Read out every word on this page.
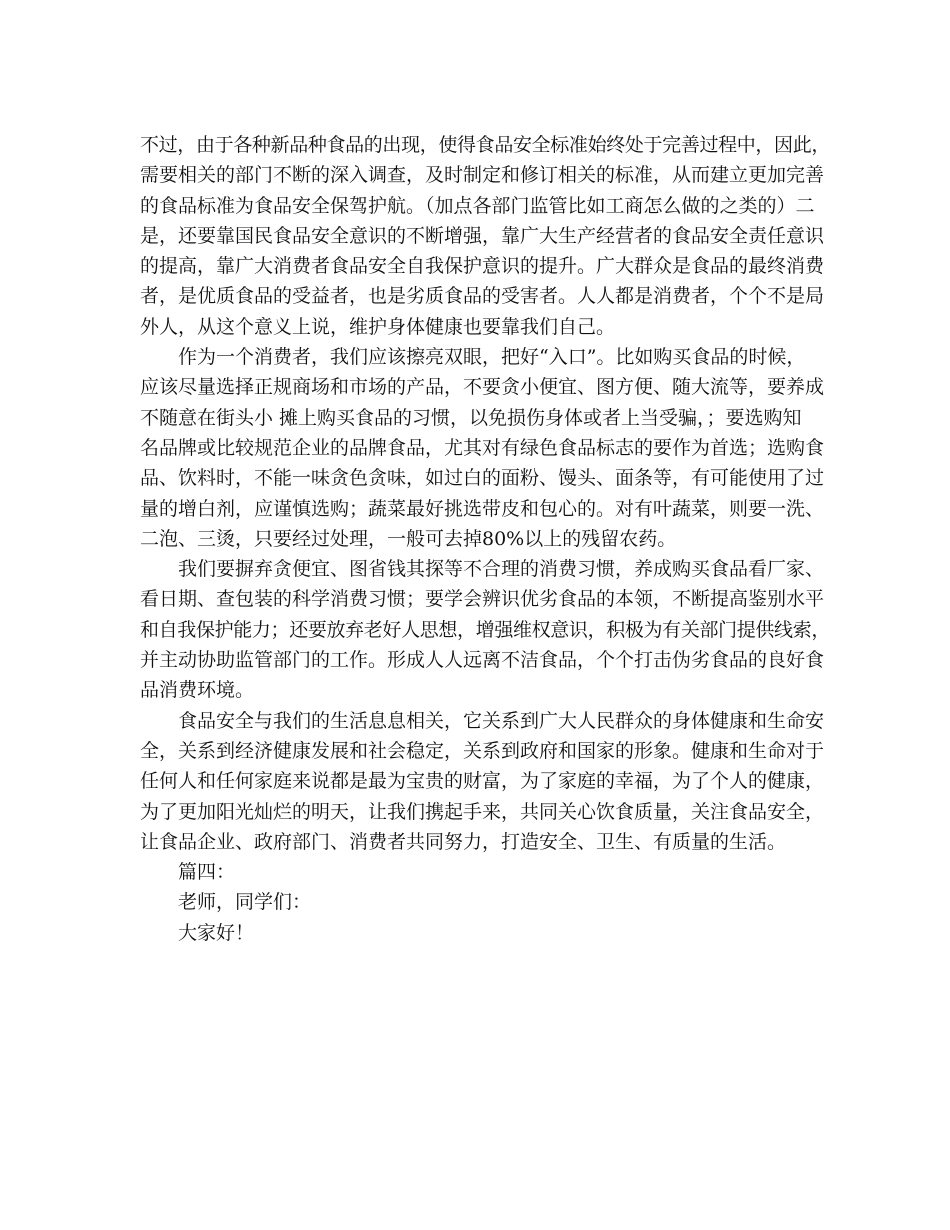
不过，由于各种新品种食品的出现，使得食品安全标准始终处于完善过程中，因此，
需要相关的部门不断的深入调查，及时制定和修订相关的标准，从而建立更加完善
的食品标准为食品安全保驾护航。（加点各部门监管比如工商怎么做的之类的）二
是，还要靠国民食品安全意识的不断增强，靠广大生产经营者的食品安全责任意识
的提高，靠广大消费者食品安全自我保护意识的提升。广大群众是食品的最终消费
者，是优质食品的受益者，也是劣质食品的受害者。人人都是消费者，个个不是局
外人，从这个意义上说，维护身体健康也要靠我们自己。

作为一个消费者，我们应该擦亮双眼，把好“入口”。比如购买食品的时候，
应该尽量选择正规商场和市场的产品，不要贪小便宜、图方便、随大流等，要养成
不随意在街头小 摊上购买食品的习惯，以免损伤身体或者上当受骗，；要选购知
名品牌或比较规范企业的品牌食品，尤其对有绿色食品标志的要作为首选；选购食
品、饮料时，不能一味贪色贪味，如过白的面粉、馒头、面条等，有可能使用了过
量的增白剂，应谨慎选购；蔬菜最好挑选带皮和包心的。对有叶蔬菜，则要一洗、
二泡、三烫，只要经过处理，一般可去掉80%以上的残留农药。

我们要摒弃贪便宜、图省钱其探等不合理的消费习惯，养成购买食品看厂家、
看日期、查包装的科学消费习惯；要学会辨识优劣食品的本领，不断提高鉴别水平
和自我保护能力；还要放弃老好人思想，增强维权意识，积极为有关部门提供线索，
并主动协助监管部门的工作。形成人人远离不洁食品，个个打击伪劣食品的良好食
品消费环境。

食品安全与我们的生活息息相关，它关系到广大人民群众的身体健康和生命安
全，关系到经济健康发展和社会稳定，关系到政府和国家的形象。健康和生命对于
任何人和任何家庭来说都是最为宝贵的财富，为了家庭的幸福，为了个人的健康，
为了更加阳光灿烂的明天，让我们携起手来，共同关心饮食质量，关注食品安全，
让食品企业、政府部门、消费者共同努力，打造安全、卫生、有质量的生活。

篇四：

老师，同学们：

大家好！
